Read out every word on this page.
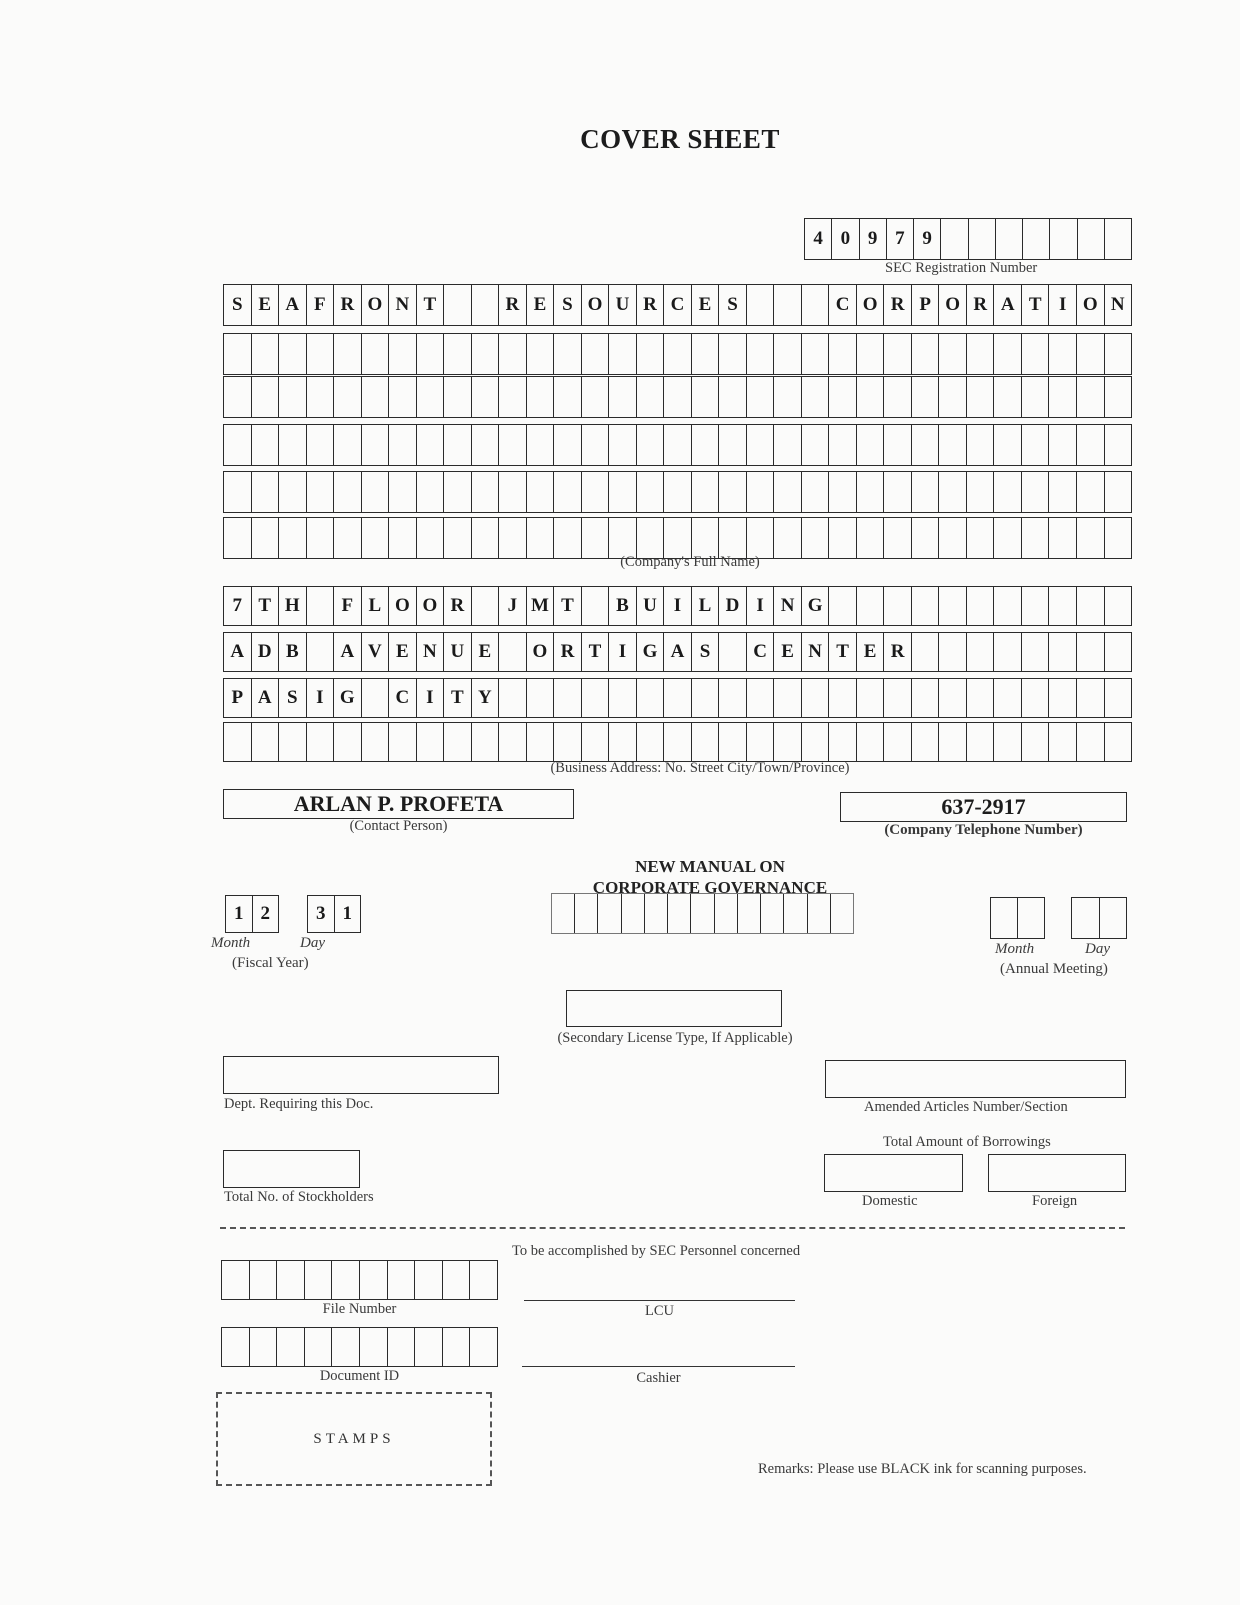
COVER SHEET
4 0 9 7 9
SEC Registration Number
S E A F R O N T	R E S O U R C E S	C O R P O R A T I O N
(Company's Full Name)
7 T H	F L O O R	J M T	B U I L D I N G
A D B	A V E N U E	O R T I G A S	C E N T E R
P A S I G	C I T Y
(Business Address: No. Street City/Town/Province)
ARLAN P. PROFETA
(Contact Person)
637-2917
(Company Telephone Number)
1 2	3 1
Month	Day
(Fiscal Year)
NEW MANUAL ON
CORPORATE GOVERNANCE
Month	Day
(Annual Meeting)
(Secondary License Type, If Applicable)
Dept. Requiring this Doc.	Amended Articles Number/Section
Total Amount of Borrowings
Domestic	Foreign
Total No. of Stockholders
To be accomplished by SEC Personnel concerned
File Number
Document ID
LCU
Cashier
STAMPS
Remarks: Please use BLACK ink for scanning purposes.
